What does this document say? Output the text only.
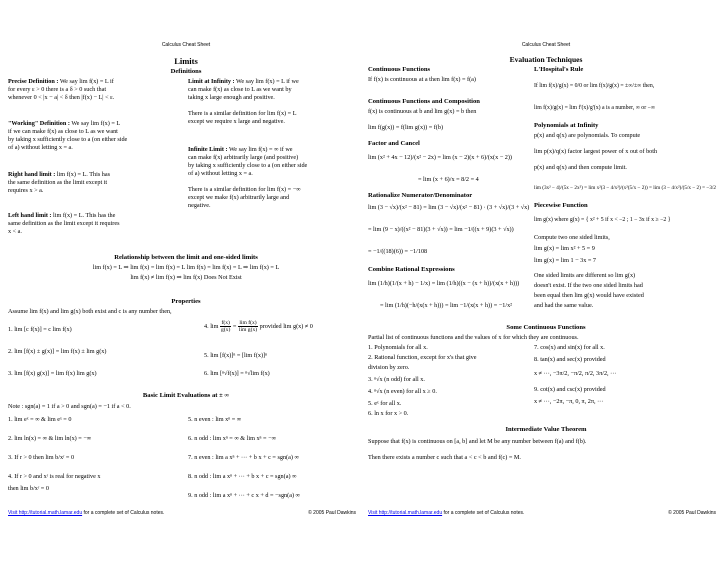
Calculus Cheat Sheet
Limits
Definitions
Precise Definition : We say lim f(x) = L if
for every ε > 0 there is a δ > 0 such that
whenever 0 < |x − a| < δ then |f(x) − L| < ε.
"Working" Definition : We say lim f(x) = L
if we can make f(x) as close to L as we want
by taking x sufficiently close to a (on either side
of a) without letting x = a.
Right hand limit : lim f(x) = L. This has
the same definition as the limit except it
requires x > a.
Left hand limit : lim f(x) = L. This has the
same definition as the limit except it requires
x < a.
Limit at Infinity : We say lim f(x) = L if we
can make f(x) as close to L as we want by
taking x large enough and positive.

There is a similar definition for lim f(x) = L
except we require x large and negative.
Infinite Limit : We say lim f(x) = ∞ if we
can make f(x) arbitrarily large (and positive)
by taking x sufficiently close to a (on either side
of a) without letting x = a.

There is a similar definition for lim f(x) = −∞
except we make f(x) arbitrarily large and
negative.
Relationship between the limit and one-sided limits
lim f(x) = L ⇒ lim f(x) = lim f(x) = L lim f(x) = lim f(x) = L ⇒ lim f(x) = L
lim f(x) ≠ lim f(x) ⇒ lim f(x) Does Not Exist
Properties
Assume lim f(x) and lim g(x) both exist and c is any number then,
1. lim [c f(x)] = c lim f(x)
2. lim [f(x) ± g(x)] = lim f(x) ± lim g(x)
3. lim [f(x) g(x)] = lim f(x) lim g(x)
4. $\lim \frac{f(x)}{g(x)} = \frac{\text{lim f(x)}}{\text{lim g(x)}}$ provided lim g(x) ≠ 0
5. lim [f(x)]ⁿ = [lim f(x)]ⁿ
6. lim [ⁿ√f(x)] = ⁿ√lim f(x)
Basic Limit Evaluations at ± ∞
Note : sgn(a) = 1 if a > 0 and sgn(a) = −1 if a < 0.
1. lim eˣ = ∞ & lim eˣ = 0
2. lim ln(x) = ∞ & lim ln(x) = −∞
3. If r > 0 then lim b/xʳ = 0
4. If r > 0 and xʳ is real for negative x
then lim b/xʳ = 0
5. n even : lim xⁿ = ∞
6. n odd : lim xⁿ = ∞ & lim xⁿ = −∞
7. n even : lim a xⁿ + ··· + b x + c = sgn(a) ∞
8. n odd : lim a xⁿ + ··· + b x + c = sgn(a) ∞
9. n odd : lim a xⁿ + ··· + c x + d = −sgn(a) ∞
Visit http://tutorial.math.lamar.edu for a complete set of Calculus notes.	© 2005 Paul Dawkins
Calculus Cheat Sheet
Evaluation Techniques
Continuous Functions
If f(x) is continuous at a then lim f(x) = f(a)
Continuous Functions and Composition
f(x) is continuous at b and lim g(x) = b then
lim f(g(x)) = f(lim g(x)) = f(b)
Factor and Cancel
lim (x² + 4x − 12)/(x² − 2x) = lim (x − 2)(x + 6)/(x(x − 2))
= lim (x + 6)/x = 8/2 = 4
Rationalize Numerator/Denominator
lim (3 − √x)/(x² − 81) = lim (3 − √x)/(x² − 81) · (3 + √x)/(3 + √x)
= lim (9 − x)/((x² − 81)(3 + √x)) = lim −1/((x + 9)(3 + √x))
= −1/((18)(6)) = −1/108
Combine Rational Expressions
lim (1/h)(1/(x + h) − 1/x) = lim (1/h)((x − (x + h))/(x(x + h)))
= lim (1/h)(−h/(x(x + h))) = lim −1/(x(x + h)) = −1/x²
L'Hospital's Rule
If lim f(x)/g(x) = 0/0 or lim f(x)/g(x) = ±∞/±∞ then,
lim f(x)/g(x) = lim f'(x)/g'(x) a is a number, ∞ or −∞
Polynomials at Infinity
p(x) and q(x) are polynomials. To compute
lim p(x)/q(x) factor largest power of x out of both
p(x) and q(x) and then compute limit.
lim (3x² − 4)/(5x − 2x²) = lim x²(3 − 4/x²)/(x²(5/x − 2)) = lim (3 − 4/x²)/(5/x − 2) = −3/2
Piecewise Function
lim g(x) where g(x) = { x² + 5 if x < −2 ; 1 − 3x if x ≥ −2 }
Compute two one sided limits,
lim g(x) = lim x² + 5 = 9
lim g(x) = lim 1 − 3x = 7
One sided limits are different so lim g(x)
doesn't exist. If the two one sided limits had
been equal then lim g(x) would have existed
and had the same value.
Some Continuous Functions
Partial list of continuous functions and the values of x for which they are continuous.
1. Polynomials for all x.
2. Rational function, except for x's that give
division by zero.
3. ⁿ√x (n odd) for all x.
4. ⁿ√x (n even) for all x ≥ 0.
5. eˣ for all x.
6. ln x for x > 0.
7. cos(x) and sin(x) for all x.
8. tan(x) and sec(x) provided
x ≠ ···, −3π/2, −π/2, π/2, 3π/2, ···
9. cot(x) and csc(x) provided
x ≠ ···, −2π, −π, 0, π, 2π, ···
Intermediate Value Theorem
Suppose that f(x) is continuous on [a, b] and let M be any number between f(a) and f(b).
Then there exists a number c such that a < c < b and f(c) = M.
Visit http://tutorial.math.lamar.edu for a complete set of Calculus notes.	© 2005 Paul Dawkins
